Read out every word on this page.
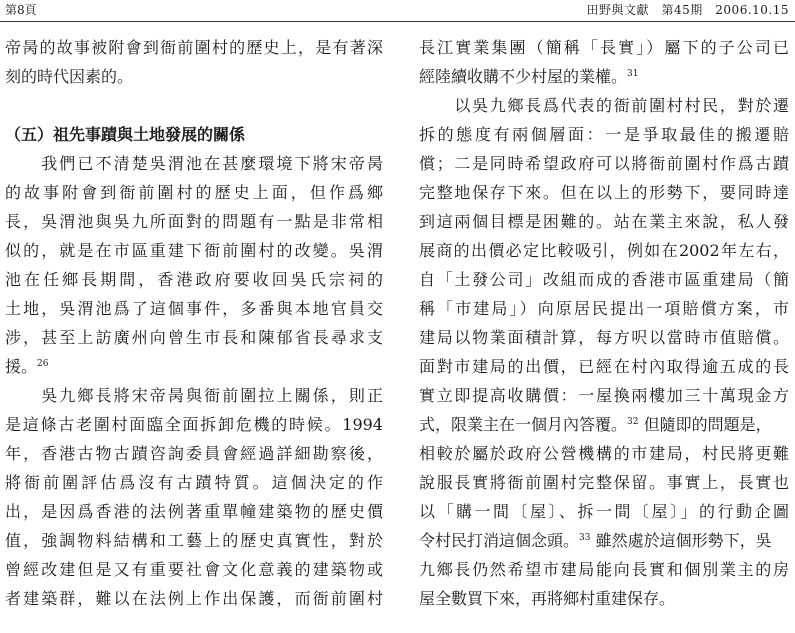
第8頁	田野與文獻　第45期　2006.10.15
帝昺的故事被附會到衙前圍村的歷史上，是有著深
刻的時代因素的。
（五）祖先事蹟與土地發展的關係
　　我們已不清楚吳渭池在甚麼環境下將宋帝昺
的故事附會到衙前圍村的歷史上面，但作爲鄉
長，吳渭池與吳九所面對的問題有一點是非常相
似的，就是在市區重建下衙前圍村的改變。吳渭
池在任鄉長期間，香港政府要收回吳氏宗祠的
土地，吳渭池爲了這個事件，多番與本地官員交
涉，甚至上訪廣州向曾生市長和陳郁省長尋求支
援。$^{26}$
　　吳九鄉長將宋帝昺與衙前圍拉上關係，則正
是這條古老圍村面臨全面拆卸危機的時候。1994
年，香港古物古蹟咨詢委員會經過詳細勘察後，
將衙前圍評估爲沒有古蹟特質。這個決定的作
出，是因爲香港的法例著重單幢建築物的歷史價
值，強調物料結構和工藝上的歷史真實性，對於
曾經改建但是又有重要社會文化意義的建築物或
者建築群，難以在法例上作出保護，而衙前圍村
長江實業集團（簡稱「長實」）屬下的子公司已
經陸續收購不少村屋的業權。$^{31}$
　　以吳九鄉長爲代表的衙前圍村村民，對於遷
拆的態度有兩個層面：一是爭取最佳的搬遷賠
償；二是同時希望政府可以將衙前圍村作爲古蹟
完整地保存下來。但在以上的形勢下，要同時達
到這兩個目標是困難的。站在業主來說，私人發
展商的出價必定比較吸引，例如在2002年左右，
自「土發公司」改組而成的香港市區重建局（簡
稱「市建局」）向原居民提出一項賠償方案，市
建局以物業面積計算，每方呎以當時市值賠償。
面對市建局的出價，已經在村內取得逾五成的長
實立即提高收購價：一屋換兩樓加三十萬現金方
式，限業主在一個月內答覆。$^{32}$ 但隨即的問題是，
相較於屬於政府公營機構的市建局，村民將更難
說服長實將衙前圍村完整保留。事實上，長實也
以「購一間〔屋〕、拆一間〔屋〕」的行動企圖
令村民打消這個念頭。$^{33}$ 雖然處於這個形勢下，吳
九鄉長仍然希望市建局能向長實和個別業主的房
屋全數買下來，再將鄉村重建保存。
